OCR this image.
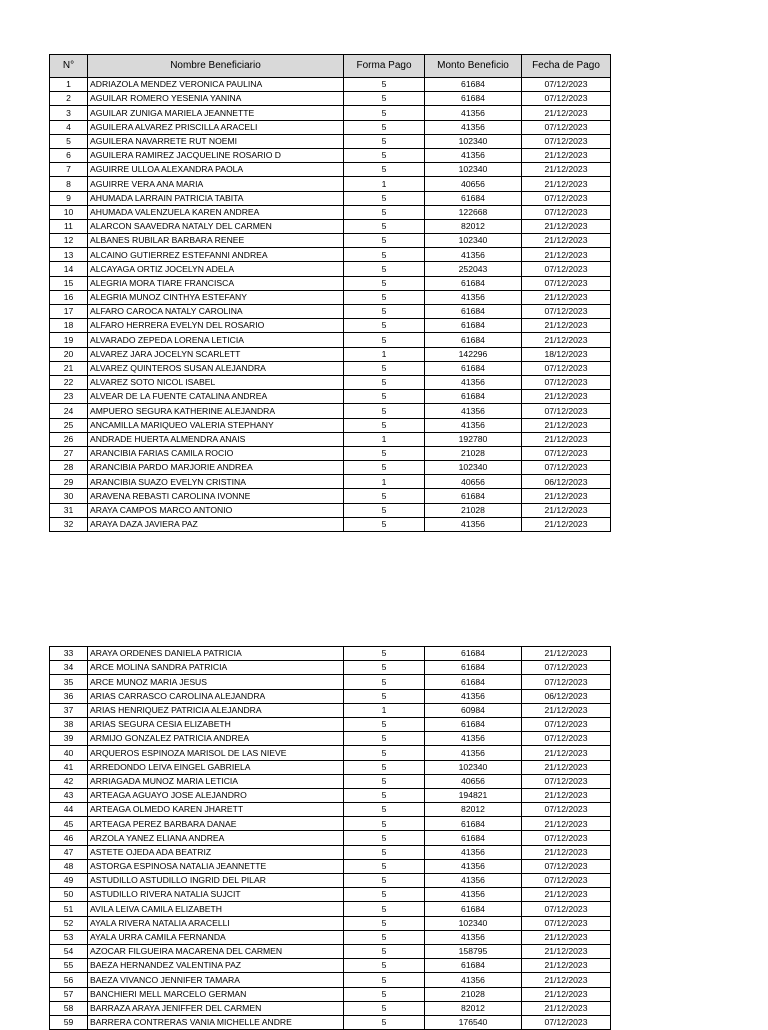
N°	Nombre Beneficiario	Forma Pago	Monto Beneficio	Fecha de Pago
1	ADRIAZOLA MENDEZ VERONICA PAULINA	5	61684	07/12/2023
2	AGUILAR ROMERO YESENIA YANINA	5	61684	07/12/2023
3	AGUILAR ZUNIGA MARIELA JEANNETTE	5	41356	21/12/2023
4	AGUILERA ALVAREZ PRISCILLA ARACELI	5	41356	07/12/2023
5	AGUILERA NAVARRETE RUT NOEMI	5	102340	07/12/2023
6	AGUILERA RAMIREZ JACQUELINE ROSARIO D	5	41356	21/12/2023
7	AGUIRRE ULLOA ALEXANDRA PAOLA	5	102340	21/12/2023
8	AGUIRRE VERA ANA MARIA	1	40656	21/12/2023
9	AHUMADA LARRAIN PATRICIA TABITA	5	61684	07/12/2023
10	AHUMADA VALENZUELA KAREN ANDREA	5	122668	07/12/2023
11	ALARCON SAAVEDRA NATALY DEL CARMEN	5	82012	21/12/2023
12	ALBANES RUBILAR BARBARA RENEE	5	102340	21/12/2023
13	ALCAINO GUTIERREZ ESTEFANNI ANDREA	5	41356	21/12/2023
14	ALCAYAGA ORTIZ JOCELYN ADELA	5	252043	07/12/2023
15	ALEGRIA MORA TIARE FRANCISCA	5	61684	07/12/2023
16	ALEGRIA MUNOZ CINTHYA ESTEFANY	5	41356	21/12/2023
17	ALFARO CAROCA NATALY CAROLINA	5	61684	07/12/2023
18	ALFARO HERRERA EVELYN DEL ROSARIO	5	61684	21/12/2023
19	ALVARADO ZEPEDA LORENA LETICIA	5	61684	21/12/2023
20	ALVAREZ JARA JOCELYN SCARLETT	1	142296	18/12/2023
21	ALVAREZ QUINTEROS SUSAN ALEJANDRA	5	61684	07/12/2023
22	ALVAREZ SOTO NICOL ISABEL	5	41356	07/12/2023
23	ALVEAR DE LA FUENTE CATALINA ANDREA	5	61684	21/12/2023
24	AMPUERO SEGURA KATHERINE ALEJANDRA	5	41356	07/12/2023
25	ANCAMILLA MARIQUEO VALERIA STEPHANY	5	41356	21/12/2023
26	ANDRADE HUERTA ALMENDRA ANAIS	1	192780	21/12/2023
27	ARANCIBIA FARIAS CAMILA ROCIO	5	21028	07/12/2023
28	ARANCIBIA PARDO MARJORIE ANDREA	5	102340	07/12/2023
29	ARANCIBIA SUAZO EVELYN CRISTINA	1	40656	06/12/2023
30	ARAVENA REBASTI CAROLINA IVONNE	5	61684	21/12/2023
31	ARAYA CAMPOS MARCO ANTONIO	5	21028	21/12/2023
32	ARAYA DAZA JAVIERA PAZ	5	41356	21/12/2023
33	ARAYA ORDENES DANIELA PATRICIA	5	61684	21/12/2023
34	ARCE MOLINA SANDRA PATRICIA	5	61684	07/12/2023
35	ARCE MUNOZ MARIA JESUS	5	61684	07/12/2023
36	ARIAS CARRASCO CAROLINA ALEJANDRA	5	41356	06/12/2023
37	ARIAS HENRIQUEZ PATRICIA ALEJANDRA	1	60984	21/12/2023
38	ARIAS SEGURA CESIA ELIZABETH	5	61684	07/12/2023
39	ARMIJO GONZALEZ PATRICIA ANDREA	5	41356	07/12/2023
40	ARQUEROS ESPINOZA MARISOL DE LAS NIEVE	5	41356	21/12/2023
41	ARREDONDO LEIVA EINGEL GABRIELA	5	102340	21/12/2023
42	ARRIAGADA MUNOZ MARIA LETICIA	5	40656	07/12/2023
43	ARTEAGA AGUAYO JOSE ALEJANDRO	5	194821	21/12/2023
44	ARTEAGA OLMEDO KAREN JHARETT	5	82012	07/12/2023
45	ARTEAGA PEREZ BARBARA DANAE	5	61684	21/12/2023
46	ARZOLA YANEZ ELIANA ANDREA	5	61684	07/12/2023
47	ASTETE OJEDA ADA BEATRIZ	5	41356	21/12/2023
48	ASTORGA ESPINOSA NATALIA JEANNETTE	5	41356	07/12/2023
49	ASTUDILLO ASTUDILLO INGRID DEL PILAR	5	41356	07/12/2023
50	ASTUDILLO RIVERA NATALIA SUJCIT	5	41356	21/12/2023
51	AVILA LEIVA CAMILA ELIZABETH	5	61684	07/12/2023
52	AYALA RIVERA NATALIA ARACELLI	5	102340	07/12/2023
53	AYALA URRA CAMILA FERNANDA	5	41356	21/12/2023
54	AZOCAR FILGUEIRA MACARENA DEL CARMEN	5	158795	21/12/2023
55	BAEZA HERNANDEZ VALENTINA PAZ	5	61684	21/12/2023
56	BAEZA VIVANCO JENNIFER TAMARA	5	41356	21/12/2023
57	BANCHIERI MELL MARCELO GERMAN	5	21028	21/12/2023
58	BARRAZA ARAYA JENIFFER DEL CARMEN	5	82012	21/12/2023
59	BARRERA CONTRERAS VANIA MICHELLE ANDRE	5	176540	07/12/2023
